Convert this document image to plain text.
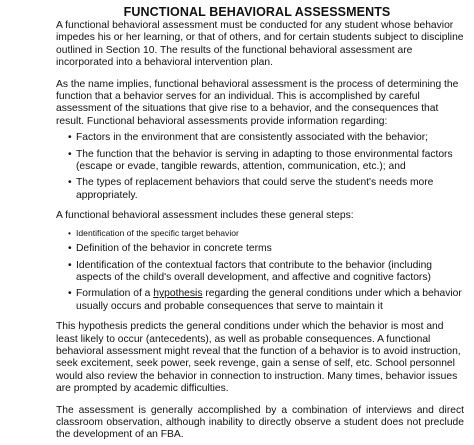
FUNCTIONAL BEHAVIORAL ASSESSMENTS

A functional behavioral assessment must be conducted for any student whose behavior impedes his or her learning, or that of others, and for certain students subject to discipline outlined in Section 10. The results of the functional behavioral assessment are incorporated into a behavioral intervention plan.

As the name implies, functional behavioral assessment is the process of determining the function that a behavior serves for an individual. This is accomplished by careful assessment of the situations that give rise to a behavior, and the consequences that result. Functional behavioral assessments provide information regarding:

• Factors in the environment that are consistently associated with the behavior;
• The function that the behavior is serving in adapting to those environmental factors (escape or evade, tangible rewards, attention, communication, etc.); and
• The types of replacement behaviors that could serve the student's needs more appropriately.

A functional behavioral assessment includes these general steps:

• Identification of the specific target behavior
• Definition of the behavior in concrete terms
• Identification of the contextual factors that contribute to the behavior (including aspects of the child's overall development, and affective and cognitive factors)
• Formulation of a hypothesis regarding the general conditions under which a behavior usually occurs and probable consequences that serve to maintain it

This hypothesis predicts the general conditions under which the behavior is most and least likely to occur (antecedents), as well as probable consequences. A functional behavioral assessment might reveal that the function of a behavior is to avoid instruction, seek excitement, seek power, seek revenge, gain a sense of self, etc. School personnel would also review the behavior in connection to instruction. Many times, behavior issues are prompted by academic difficulties.

The assessment is generally accomplished by a combination of interviews and direct classroom observation, although inability to directly observe a student does not preclude the development of an FBA.
